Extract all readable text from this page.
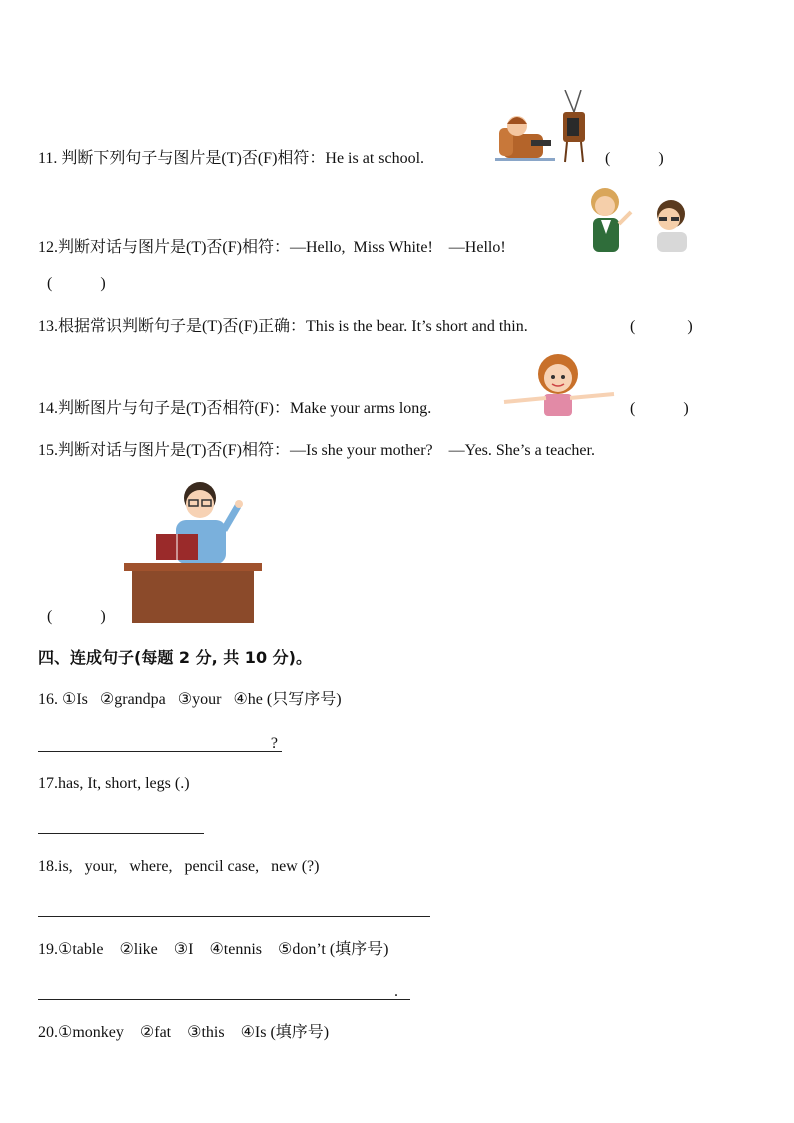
11. 判断下列句子与图片是(T)否(F)相符：He is at school.	(            )
12.判断对话与图片是(T)否(F)相符：—Hello,  Miss White!    —Hello!
(            )
13.根据常识判断句子是(T)否(F)正确：This is the bear. It’s short and thin.	(             )
14.判断图片与句子是(T)否相符(F)：Make your arms long.	(            )
15.判断对话与图片是(T)否(F)相符：—Is she your mother?    —Yes. She’s a teacher.
(            )
四、连成句子(每题 2 分, 共 10 分)。
16. ①Is   ②grandpa   ③your   ④he (只写序号)
?
17.has, It, short, legs (.)
18.is,   your,   where,   pencil case,   new (?)
19.①table    ②like    ③I    ④tennis    ⑤don’t (填序号)
.
20.①monkey    ②fat    ③this    ④Is (填序号)
